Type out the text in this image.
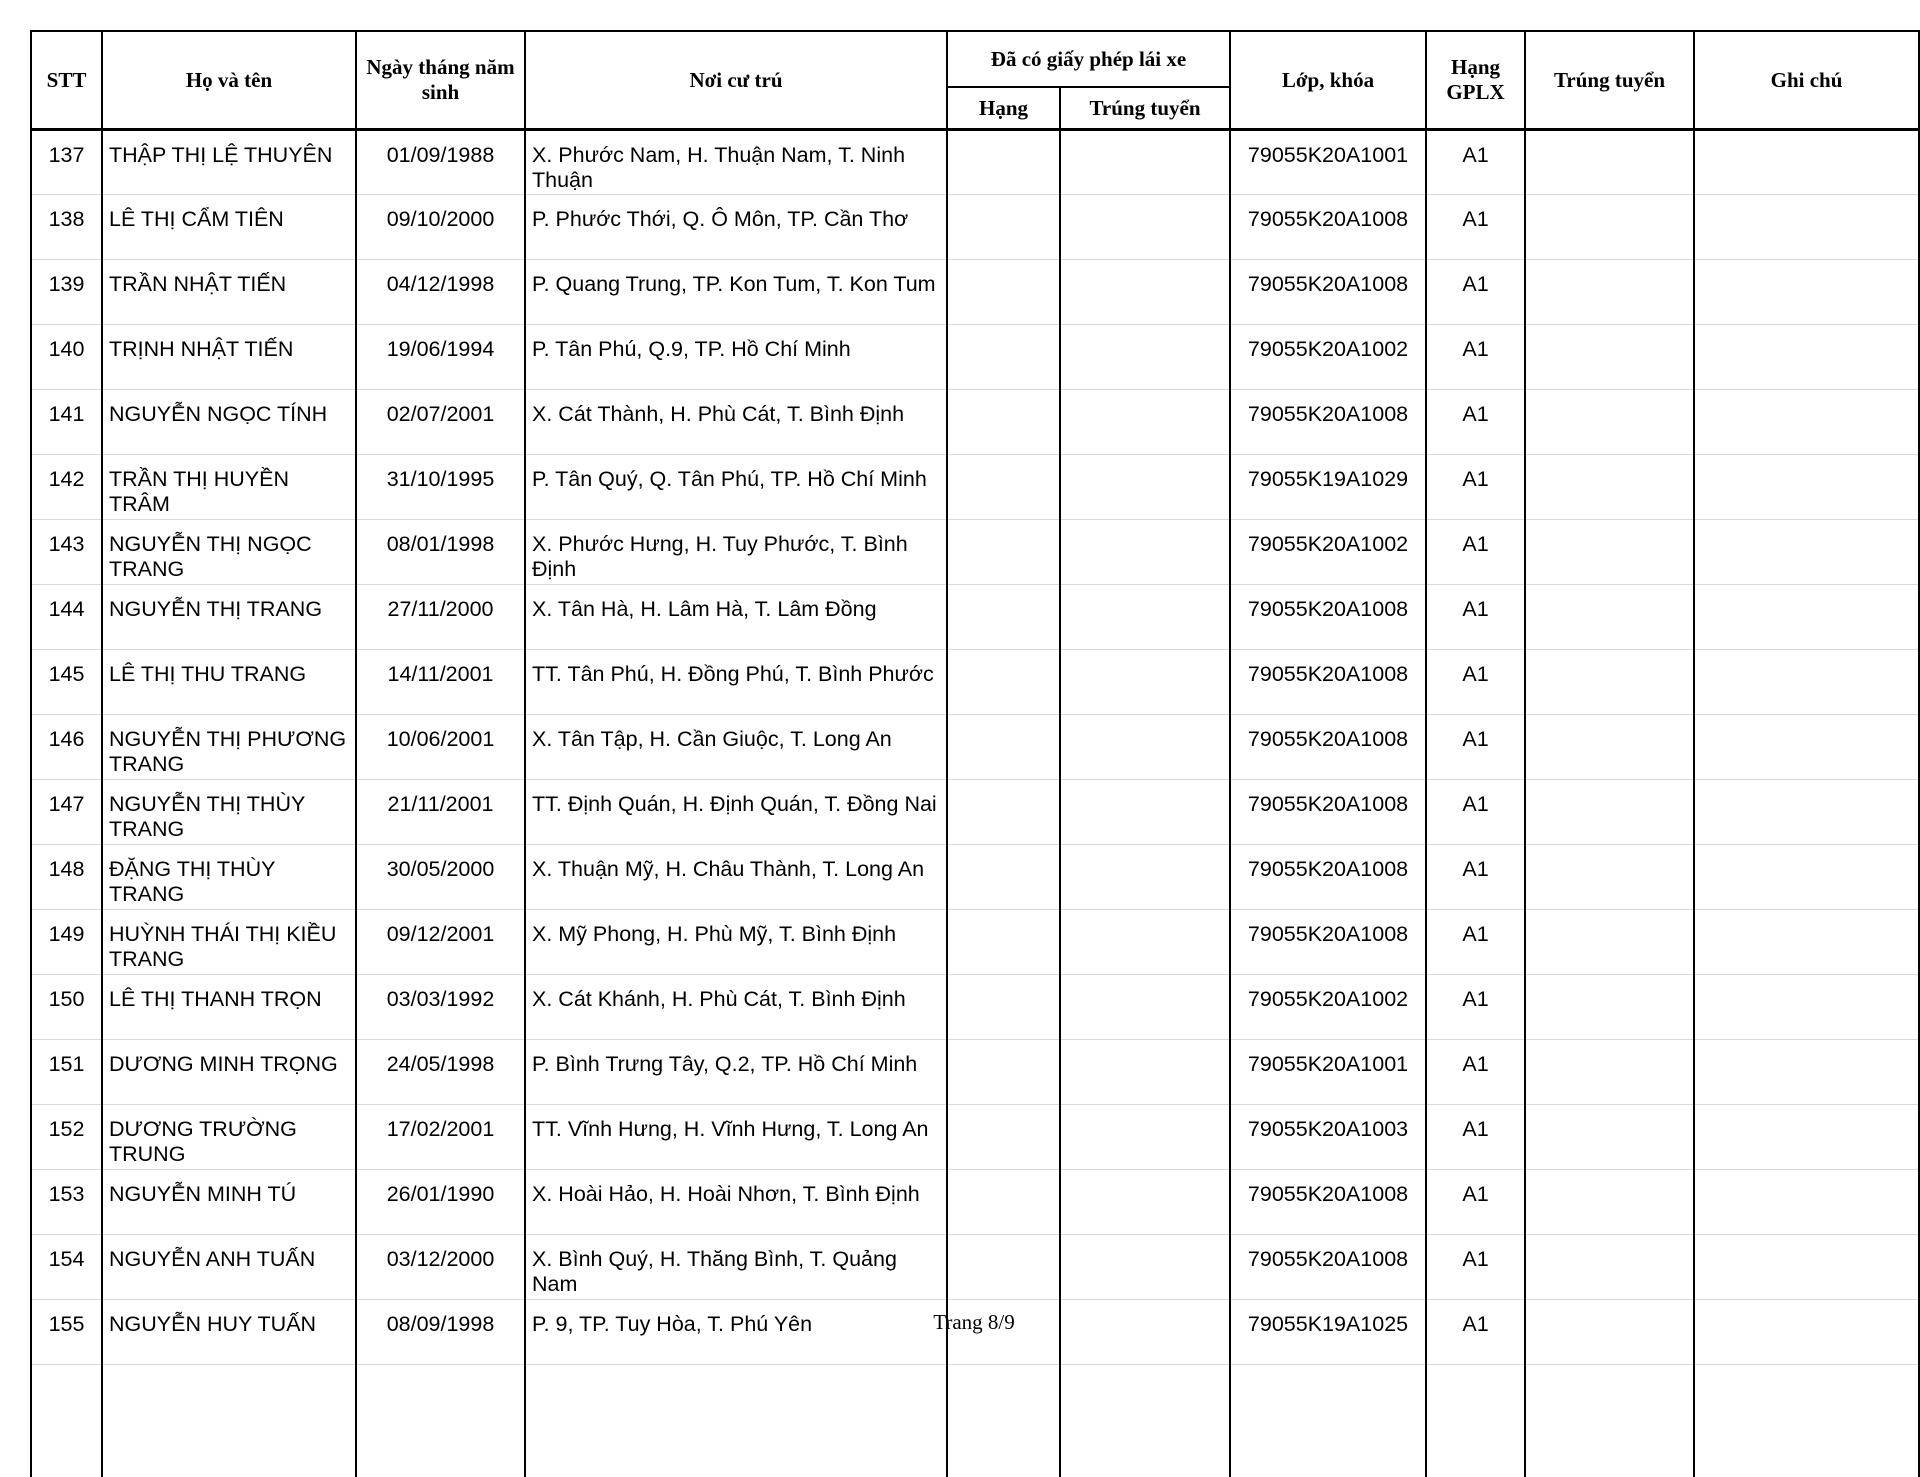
STT	Họ và tên	Ngày tháng năm sinh	Nơi cư trú	Đã có giấy phép lái xe		Lớp, khóa	Hạng GPLX	Trúng tuyển	Ghi chú
				Hạng	Trúng tuyển				
137	THẬP THỊ LỆ THUYÊN	01/09/1988	X. Phước Nam, H. Thuận Nam, T. Ninh Thuận			79055K20A1001	A1		
138	LÊ THỊ CẨM TIÊN	09/10/2000	P. Phước Thới, Q. Ô Môn, TP. Cần Thơ			79055K20A1008	A1		
139	TRẦN NHẬT TIẾN	04/12/1998	P. Quang Trung, TP. Kon Tum, T. Kon Tum			79055K20A1008	A1		
140	TRỊNH NHẬT TIẾN	19/06/1994	P. Tân Phú, Q.9, TP. Hồ Chí Minh			79055K20A1002	A1		
141	NGUYỄN NGỌC TÍNH	02/07/2001	X. Cát Thành, H. Phù Cát, T. Bình Định			79055K20A1008	A1		
142	TRẦN THỊ HUYỀN TRÂM	31/10/1995	P. Tân Quý, Q. Tân Phú, TP. Hồ Chí Minh			79055K19A1029	A1		
143	NGUYỄN THỊ NGỌC TRANG	08/01/1998	X. Phước Hưng, H. Tuy Phước, T. Bình Định			79055K20A1002	A1		
144	NGUYỄN THỊ TRANG	27/11/2000	X. Tân Hà, H. Lâm Hà, T. Lâm Đồng			79055K20A1008	A1		
145	LÊ THỊ THU TRANG	14/11/2001	TT. Tân Phú, H. Đồng Phú, T. Bình Phước			79055K20A1008	A1		
146	NGUYỄN THỊ PHƯƠNG TRANG	10/06/2001	X. Tân Tập, H. Cần Giuộc, T. Long An			79055K20A1008	A1		
147	NGUYỄN THỊ THÙY TRANG	21/11/2001	TT. Định Quán, H. Định Quán, T. Đồng Nai			79055K20A1008	A1		
148	ĐẶNG THỊ THÙY TRANG	30/05/2000	X. Thuận Mỹ, H. Châu Thành, T. Long An			79055K20A1008	A1		
149	HUỲNH THÁI THỊ KIỀU TRANG	09/12/2001	X. Mỹ Phong, H. Phù Mỹ, T. Bình Định			79055K20A1008	A1		
150	LÊ THỊ THANH TRỌN	03/03/1992	X. Cát Khánh, H. Phù Cát, T. Bình Định			79055K20A1002	A1		
151	DƯƠNG MINH TRỌNG	24/05/1998	P. Bình Trưng Tây, Q.2, TP. Hồ Chí Minh			79055K20A1001	A1		
152	DƯƠNG TRƯỜNG TRUNG	17/02/2001	TT. Vĩnh Hưng, H. Vĩnh Hưng, T. Long An			79055K20A1003	A1		
153	NGUYỄN MINH TÚ	26/01/1990	X. Hoài Hảo, H. Hoài Nhơn, T. Bình Định			79055K20A1008	A1		
154	NGUYỄN ANH TUẤN	03/12/2000	X. Bình Quý, H. Thăng Bình, T. Quảng Nam			79055K20A1008	A1		
155	NGUYỄN HUY TUẤN	08/09/1998	P. 9, TP. Tuy Hòa, T. Phú Yên			79055K19A1025	A1		

Trang 8/9
